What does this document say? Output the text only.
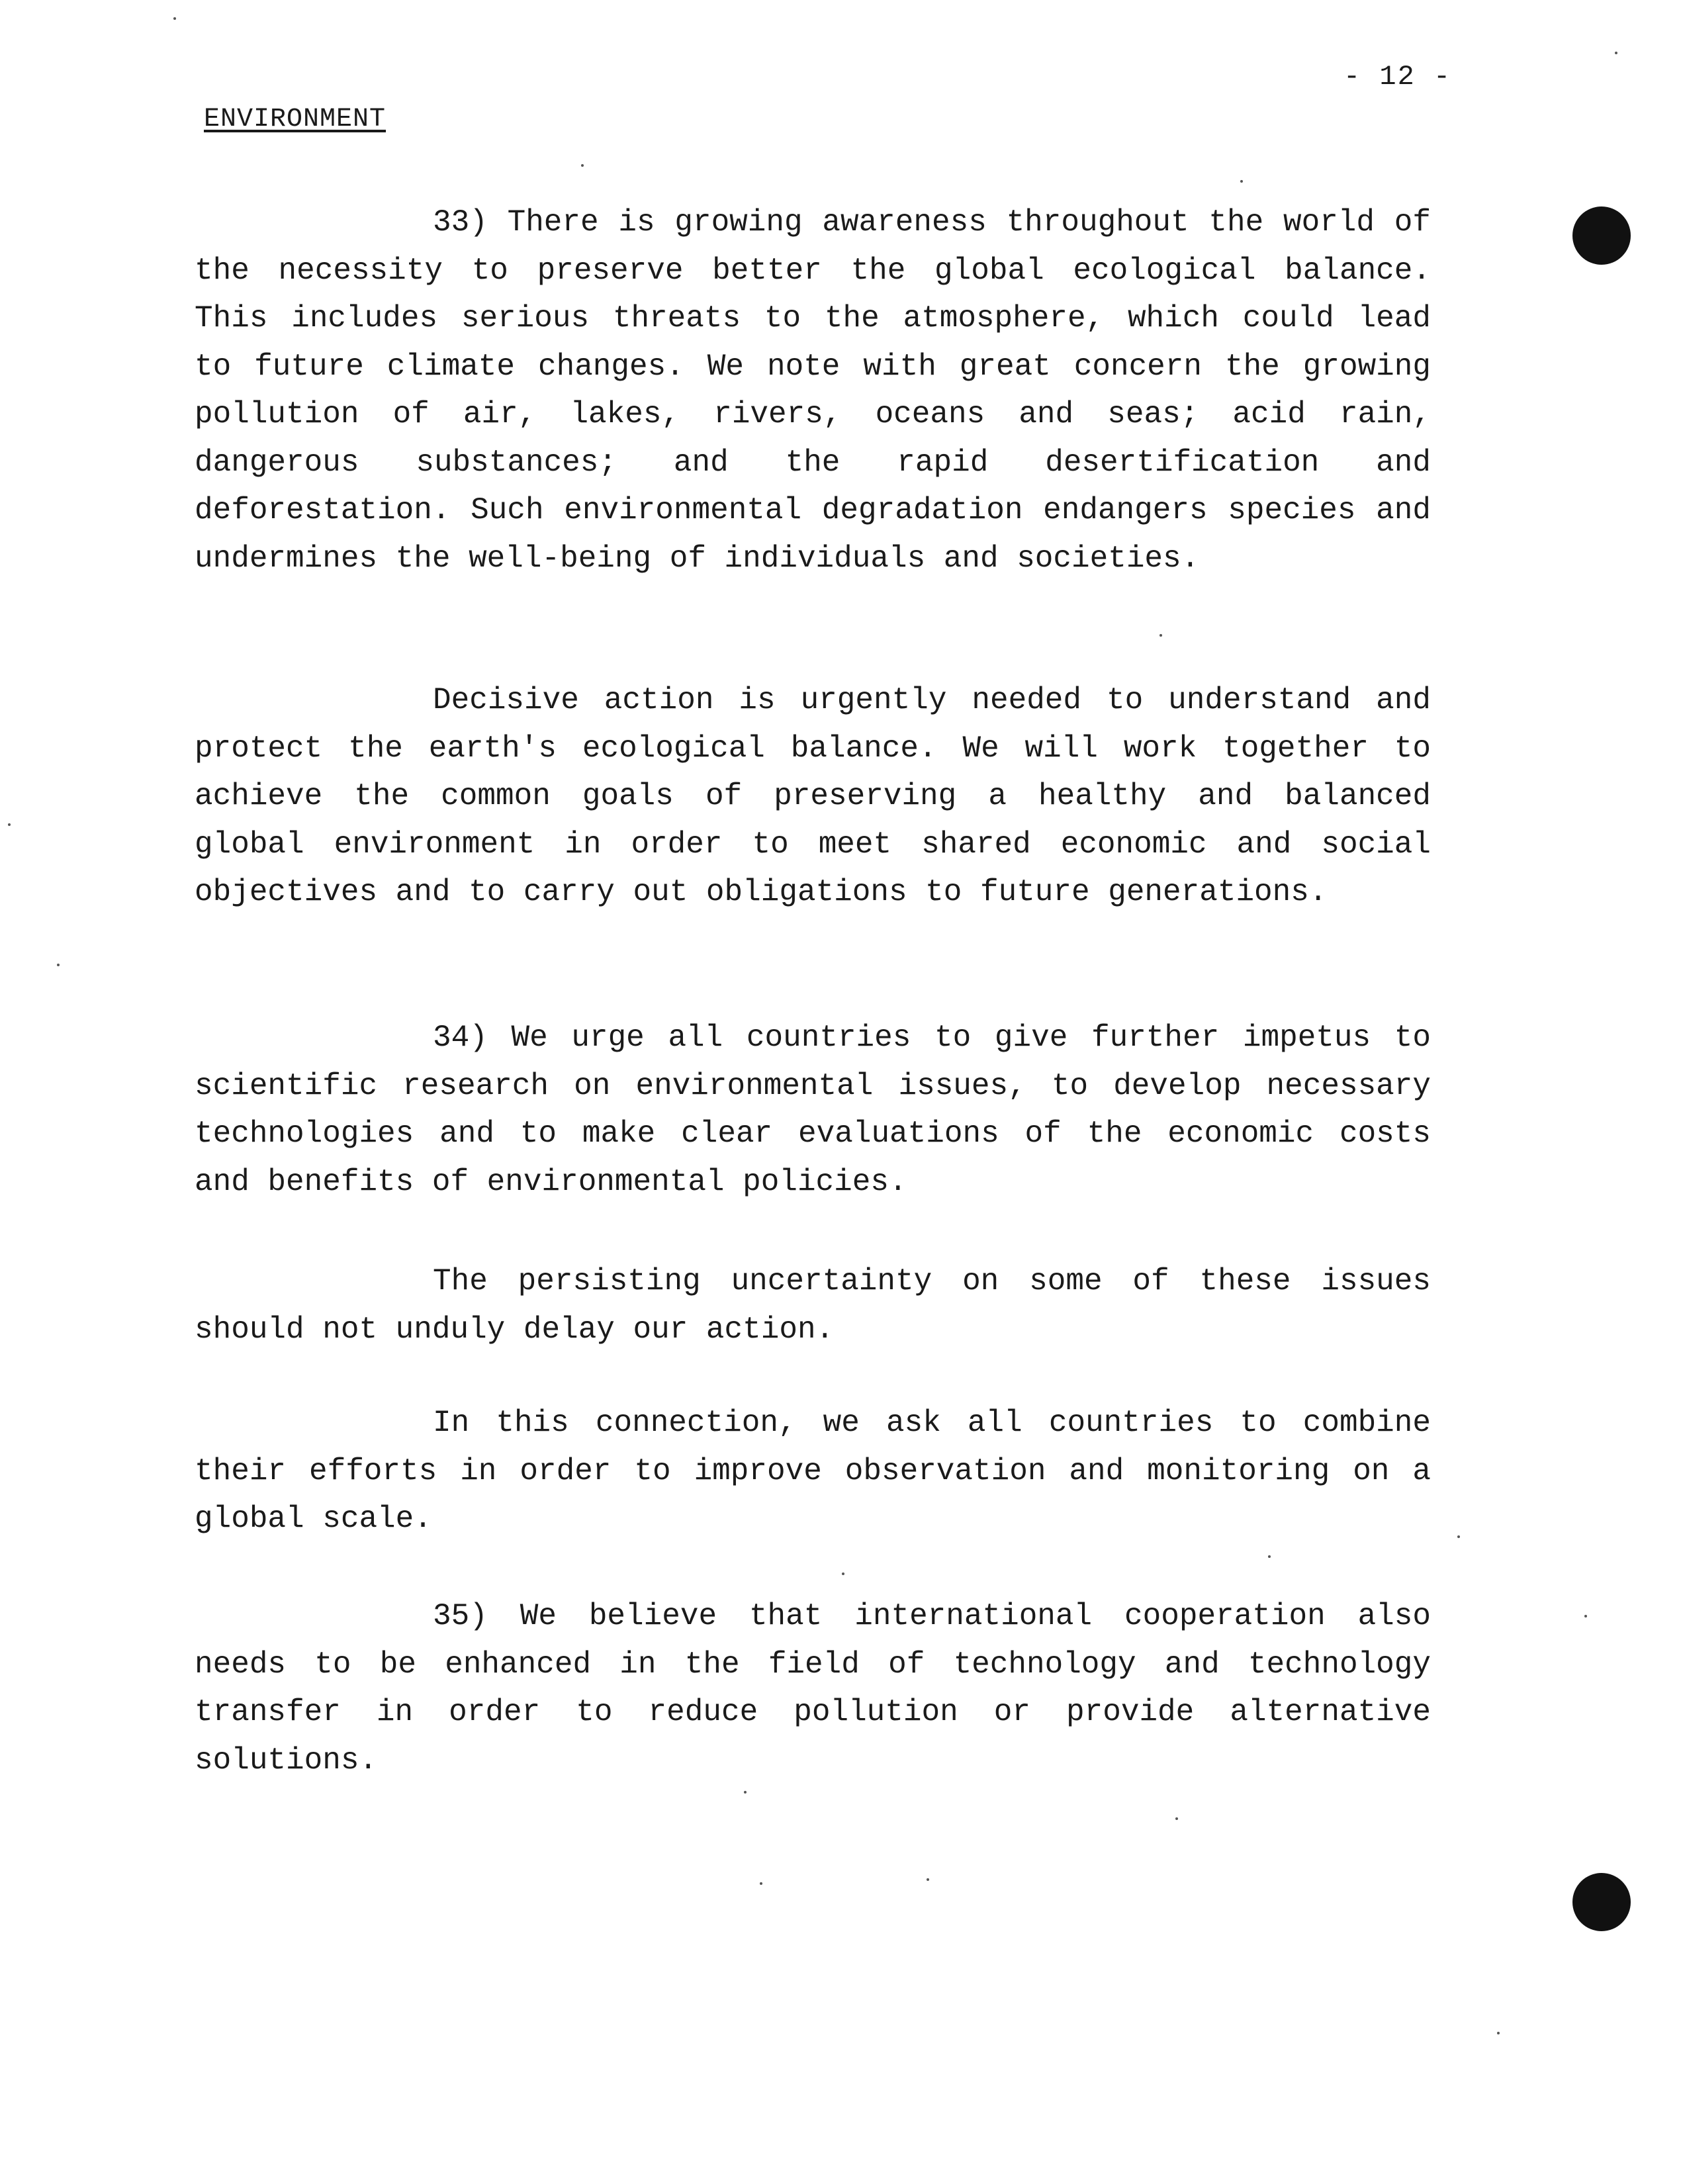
- 12 -
ENVIRONMENT

33) There is growing awareness throughout the world of the necessity to preserve better the global ecological balance. This includes serious threats to the atmosphere, which could lead to future climate changes. We note with great concern the growing pollution of air, lakes, rivers, oceans and seas; acid rain, dangerous substances; and the rapid desertification and deforestation. Such environmental degradation endangers species and undermines the well-being of individuals and societies.

Decisive action is urgently needed to understand and protect the earth's ecological balance. We will work together to achieve the common goals of preserving a healthy and balanced global environment in order to meet shared economic and social objectives and to carry out obligations to future generations.

34) We urge all countries to give further impetus to scientific research on environmental issues, to develop necessary technologies and to make clear evaluations of the economic costs and benefits of environmental policies.

The persisting uncertainty on some of these issues should not unduly delay our action.

In this connection, we ask all countries to combine their efforts in order to improve observation and monitoring on a global scale.

35) We believe that international cooperation also needs to be enhanced in the field of technology and technology transfer in order to reduce pollution or provide alternative solutions.
